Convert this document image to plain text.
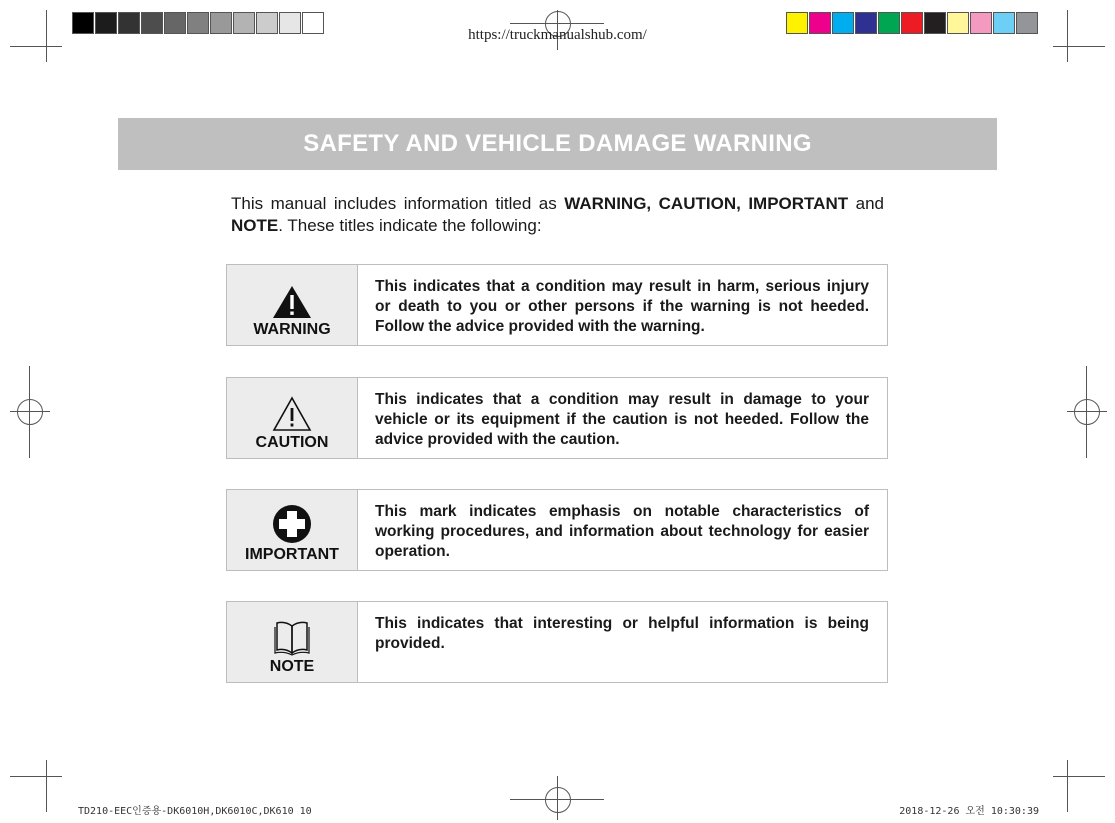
https://truckmanualshub.com/
SAFETY AND VEHICLE DAMAGE WARNING
This manual includes information titled as WARNING, CAUTION, IMPORTANT and NOTE. These titles indicate the following:
WARNING
This indicates that a condition may result in harm, serious injury or death to you or other persons if the warning is not heeded. Follow the advice provided with the warning.
CAUTION
This indicates that a condition may result in damage to your vehicle or its equipment if the caution is not heeded. Follow the advice provided with the caution.
IMPORTANT
This mark indicates emphasis on notable characteristics of working procedures, and information about technology for easier operation.
NOTE
This indicates that interesting or helpful information is being provided.
TD210-EEC인증용-DK6010H,DK6010C,DK610 10	2018-12-26 오전 10:30:39
